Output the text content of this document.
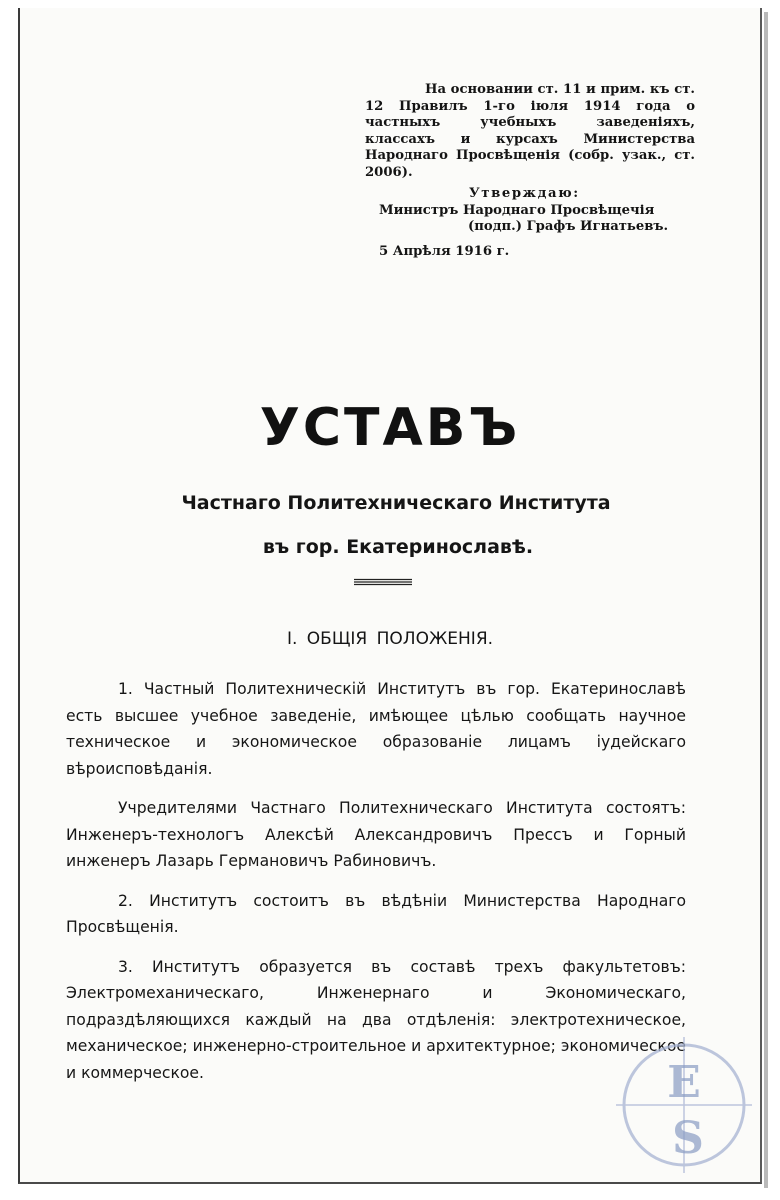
На основании ст. 11 и прим. къ ст. 12 Правилъ 1-го іюля 1914 года о частныхъ учебныхъ заведеніяхъ, классахъ и курсахъ Министерства Народнаго Просвѣщенія (собр. узак., ст. 2006).
Утверждаю:
Министръ Народнаго Просвѣщечія
(подп.) Графъ Игнатьевъ.
5 Апрѣля 1916 г.
УСТАВЪ
Частнаго Политехническаго Института
въ гор. Екатеринославѣ.
I. ОБЩІЯ ПОЛОЖЕНІЯ.

1. Частный Политехническій Институтъ въ гор. Екатеринославѣ есть высшее учебное заведеніе, имѣющее цѣлью сообщать научное техническое и экономическое образованіе лицамъ іудейскаго вѣроисповѣданія.

Учредителями Частнаго Политехническаго Института состоятъ: Инженеръ-технологъ Алексѣй Александровичъ Прессъ и Горный инженеръ Лазарь Германовичъ Рабиновичъ.

2. Институтъ состоитъ въ вѣдѣніи Министерства Народнаго Просвѣщенія.

3. Институтъ образуется въ составѣ трехъ факультетовъ: Электромеханическаго, Инженернаго и Экономическаго, подраздѣляющихся каждый на два отдѣленія: электротехническое, механическое; инженерно-строительное и архитектурное; экономическое и коммерческое.	E
S
